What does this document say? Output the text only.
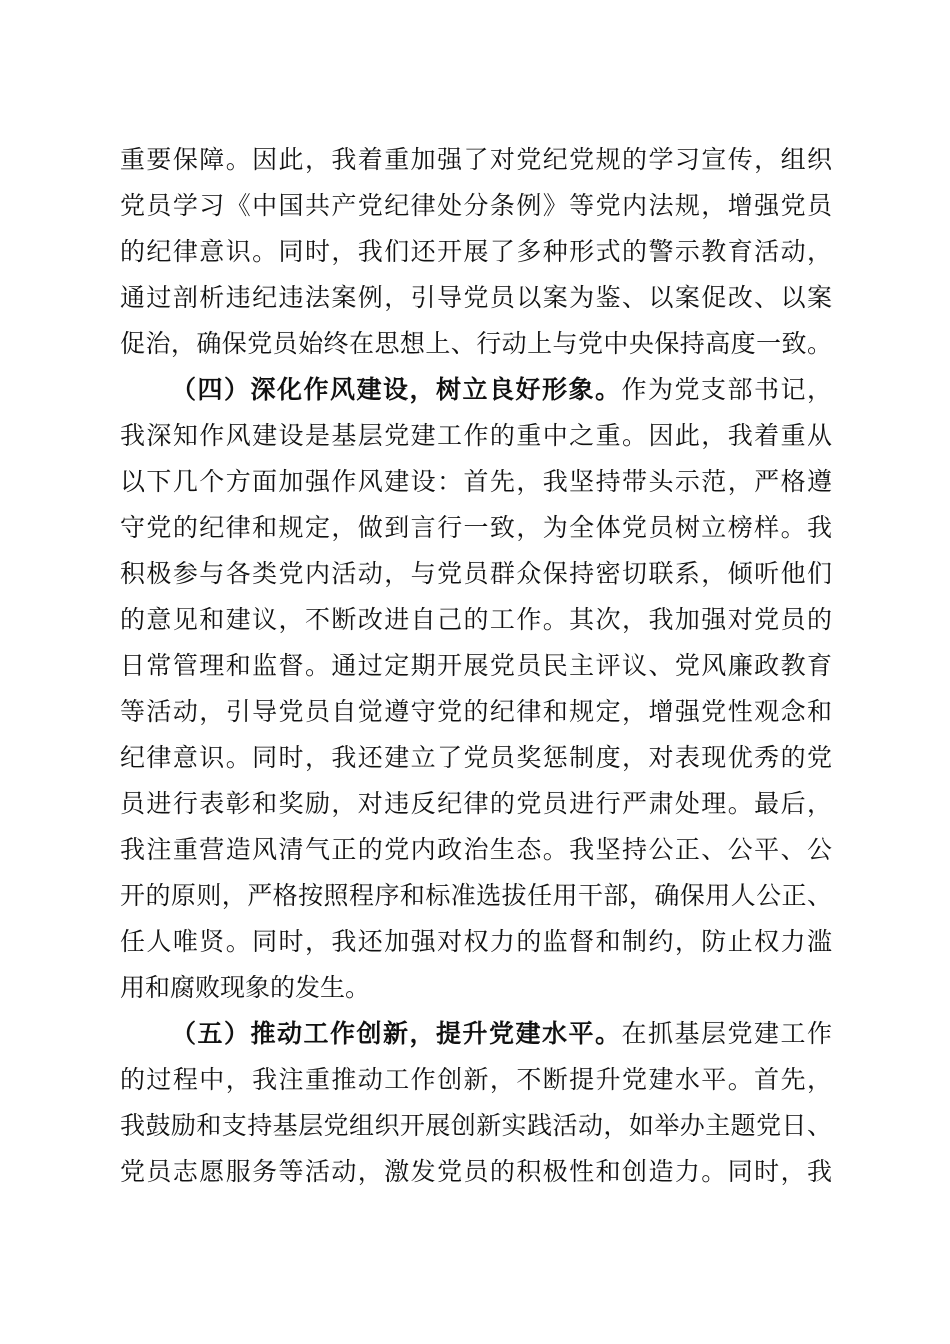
重要保障。因此，我着重加强了对党纪党规的学习宣传，组织
党员学习《中国共产党纪律处分条例》等党内法规，增强党员
的纪律意识。同时，我们还开展了多种形式的警示教育活动，
通过剖析违纪违法案例，引导党员以案为鉴、以案促改、以案
促治，确保党员始终在思想上、行动上与党中央保持高度一致。
（四）深化作风建设，树立良好形象。作为党支部书记，
我深知作风建设是基层党建工作的重中之重。因此，我着重从
以下几个方面加强作风建设：首先，我坚持带头示范，严格遵
守党的纪律和规定，做到言行一致，为全体党员树立榜样。我
积极参与各类党内活动，与党员群众保持密切联系，倾听他们
的意见和建议，不断改进自己的工作。其次，我加强对党员的
日常管理和监督。通过定期开展党员民主评议、党风廉政教育
等活动，引导党员自觉遵守党的纪律和规定，增强党性观念和
纪律意识。同时，我还建立了党员奖惩制度，对表现优秀的党
员进行表彰和奖励，对违反纪律的党员进行严肃处理。最后，
我注重营造风清气正的党内政治生态。我坚持公正、公平、公
开的原则，严格按照程序和标准选拔任用干部，确保用人公正、
任人唯贤。同时，我还加强对权力的监督和制约，防止权力滥
用和腐败现象的发生。
（五）推动工作创新，提升党建水平。在抓基层党建工作
的过程中，我注重推动工作创新，不断提升党建水平。首先，
我鼓励和支持基层党组织开展创新实践活动，如举办主题党日、
党员志愿服务等活动，激发党员的积极性和创造力。同时，我
